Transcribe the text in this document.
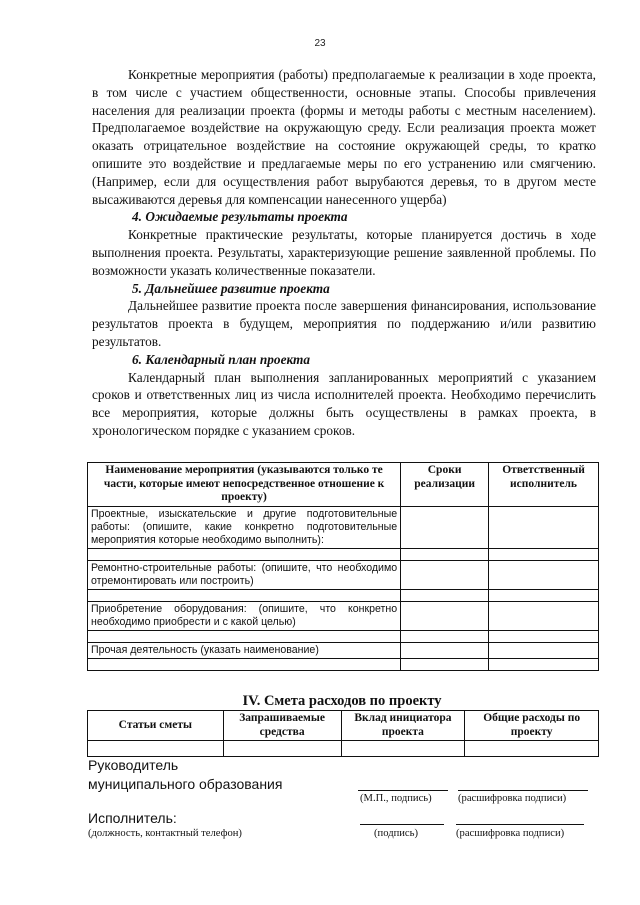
23

Конкретные мероприятия (работы) предполагаемые к реализации в ходе проекта, в том числе с участием общественности, основные этапы. Способы привлечения населения для реализации проекта (формы и методы работы с местным населением). Предполагаемое воздействие на окружающую среду. Если реализация проекта может оказать отрицательное воздействие на состояние окружающей среды, то кратко опишите это воздействие и предлагаемые меры по его устранению или смягчению. (Например, если для осуществления работ вырубаются деревья, то в другом месте высаживаются деревья для компенсации нанесенного ущерба)

4. Ожидаемые результаты проекта

Конкретные практические результаты, которые планируется достичь в ходе выполнения проекта. Результаты, характеризующие решение заявленной проблемы. По возможности указать количественные показатели.

5. Дальнейшее развитие проекта

Дальнейшее развитие проекта после завершения финансирования, использование результатов проекта в будущем, мероприятия по поддержанию и/или развитию результатов.

6. Календарный план проекта

Календарный план выполнения запланированных мероприятий с указанием сроков и ответственных лиц из числа исполнителей проекта. Необходимо перечислить все мероприятия, которые должны быть осуществлены в рамках проекта, в хронологическом порядке с указанием сроков.

Наименование мероприятия (указываются только те части, которые имеют непосредственное отношение к проекту)	Сроки реализации	Ответственный исполнитель
Проектные, изыскательские и другие подготовительные работы: (опишите, какие конкретно подготовительные мероприятия которые необходимо выполнить):		

Ремонтно-строительные работы: (опишите, что необходимо отремонтировать или построить)		

Приобретение оборудования: (опишите, что конкретно необходимо приобрести и с какой целью)		

Прочая деятельность (указать наименование)		

IV. Смета расходов по проекту
Статьи сметы	Запрашиваемые средства	Вклад инициатора проекта	Общие расходы по проекту

Руководитель
муниципального образования
(М.П., подпись) (расшифровка подписи)
Исполнитель:
(должность, контактный телефон)	(подпись)	(расшифровка подписи)
